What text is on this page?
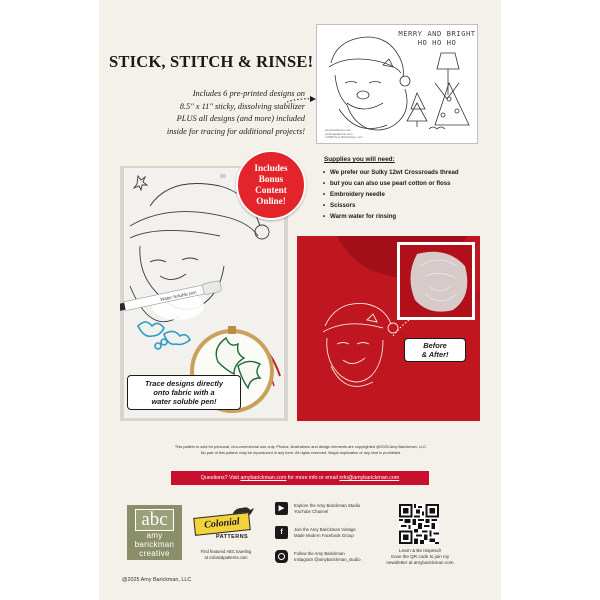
STICK, STITCH & RINSE!
Includes 6 pre-printed designs on
8.5" x 11" sticky, dissolving stabilizer
PLUS all designs (and more) included
inside for tracing for additional projects!
MERRY AND BRIGHT
HO HO HO
amybarickman.com
colonialpatterns.com
©2025 Amy Barickman, LLC
Water Soluble pen
Includes
Bonus
Content
Online!
Supplies you will need:
• We prefer our Sulky 12wt Crossroads thread
• but you can also use pearl cotton or floss
• Embroidery needle
• Scissors
• Warm water for rinsing
Trace designs directly
onto fabric with a
water soluble pen!
Before
& After!
This pattern is sold for personal, non-commercial use only. Photos, illustrations and design elements are copyrighted @2025 Amy Barickman, LLC.
No part of this pattern may be reproduced in any form. All rights reserved. Illegal duplication of any kind is prohibited.
Questions? Visit amybarickman.com for more info or email info@amybarickman.com
abc
amy
barickman
creative
Colonial
PATTERNS
Find featured ABC toweling
at colonialpatterns.com
▶	Explore the Amy Barickman Studio
YouTube Channel
f	Join the Amy Barickman Vintage
Made Modern Facebook Group
Follow the Amy Barickman
Instagram @amybarickman_studio
Learn & Be Inspired!
Scan the QR code to join my
newsletter at amybarickman.com
@2025 Amy Barickman, LLC
